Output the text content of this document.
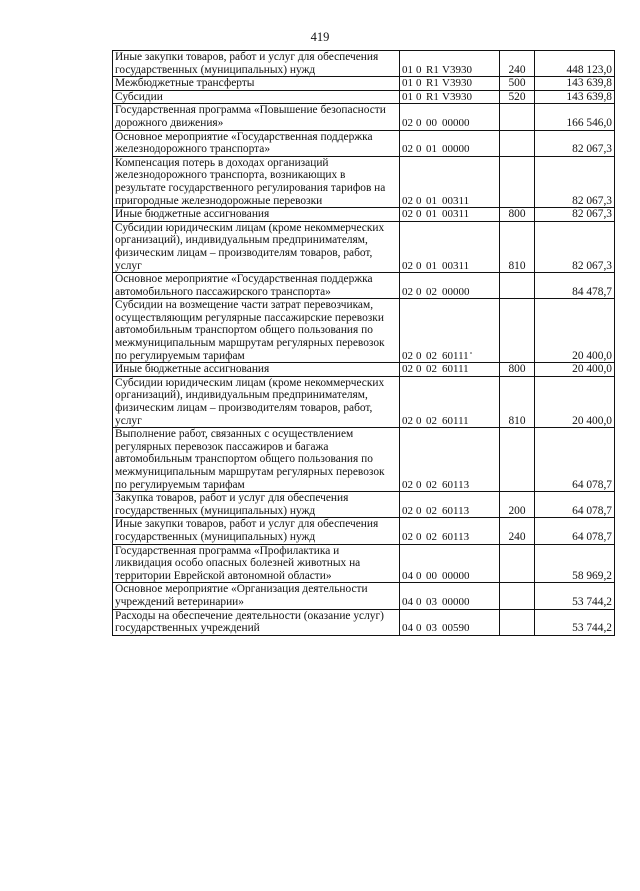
419
Иные закупки товаров, работ и услуг для обеспечения государственных (муниципальных) нужд	01 0 R1 V3930	240	448 123,0
Межбюджетные трансферты	01 0 R1 V3930	500	143 639,8
Субсидии	01 0 R1 V3930	520	143 639,8
Государственная программа «Повышение безопасности дорожного движения»	02 0 00 00000		166 546,0
Основное мероприятие «Государственная поддержка железнодорожного транспорта»	02 0 01 00000		82 067,3
Компенсация потерь в доходах организаций железнодорожного транспорта, возникающих в результате государственного регулирования тарифов на пригородные железнодорожные перевозки	02 0 01 00311		82 067,3
Иные бюджетные ассигнования	02 0 01 00311	800	82 067,3
Субсидии юридическим лицам (кроме некоммерческих организаций), индивидуальным предпринимателям, физическим лицам – производителям товаров, работ, услуг	02 0 01 00311	810	82 067,3
Основное мероприятие «Государственная поддержка автомобильного пассажирского транспорта»	02 0 02 00000		84 478,7
Субсидии на возмещение части затрат перевозчикам, осуществляющим регулярные пассажирские перевозки автомобильным транспортом общего пользования по межмуниципальным маршрутам регулярных перевозок по регулируемым тарифам	02 0 02 60111		20 400,0
Иные бюджетные ассигнования	02 0 02 60111	800	20 400,0
Субсидии юридическим лицам (кроме некоммерческих организаций), индивидуальным предпринимателям, физическим лицам – производителям товаров, работ, услуг	02 0 02 60111	810	20 400,0
Выполнение работ, связанных с осуществлением регулярных перевозок пассажиров и багажа автомобильным транспортом общего пользования по межмуниципальным маршрутам регулярных перевозок по регулируемым тарифам	02 0 02 60113		64 078,7
Закупка товаров, работ и услуг для обеспечения государственных (муниципальных) нужд	02 0 02 60113	200	64 078,7
Иные закупки товаров, работ и услуг для обеспечения государственных (муниципальных) нужд	02 0 02 60113	240	64 078,7
Государственная программа «Профилактика и ликвидация особо опасных болезней животных на территории Еврейской автономной области»	04 0 00 00000		58 969,2
Основное мероприятие «Организация деятельности учреждений ветеринарии»	04 0 03 00000		53 744,2
Расходы на обеспечение деятельности (оказание услуг) государственных учреждений	04 0 03 00590		53 744,2
